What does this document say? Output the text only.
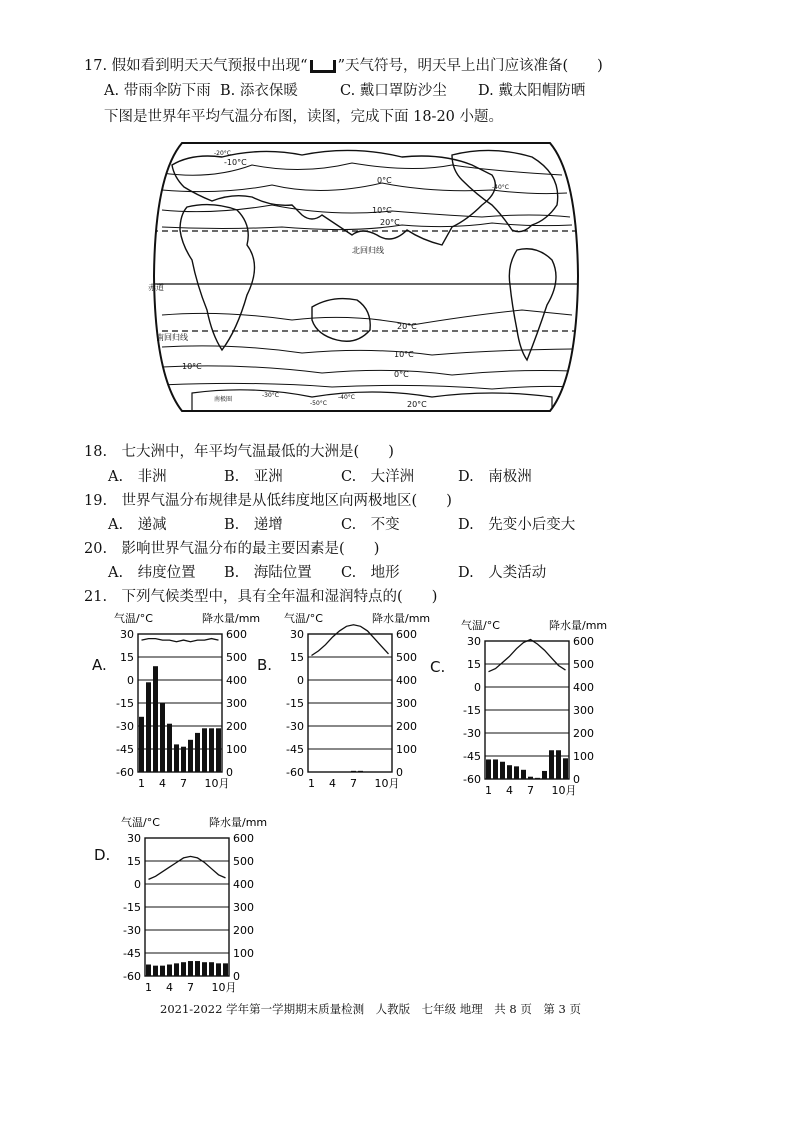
17. 假如看到明天天气预报中出现“ ”天气符号，明天早上出门应该准备(　　)
A. 带雨伞防下雨 B. 添衣保暖	C. 戴口罩防沙尘 D. 戴太阳帽防晒
下图是世界年平均气温分布图，读图，完成下面 18-20 小题。
北回归线
赤道
南回归线
南极圈
-10°C
0°C
10°C
20°C
20°C
10°C
0°C
10°C
20°C
-50°C
-40°C
-20°C
-30°C
-40°C
18.　七大洲中，年平均气温最低的大洲是(　　)
A.　非洲	B.　亚洲	C.　大洋洲	D.　南极洲
19.　世界气温分布规律是从低纬度地区向两极地区(　　)
A.　递减	B.　递增	C.　不变	D.　先变小后变大
20.　影响世界气温分布的最主要因素是(　　)
A.　纬度位置 B.　海陆位置 C.　地形	D.　人类活动
21.　下列气候类型中，具有全年温和湿润特点的(　　)
A.
气温/°C	降水量/mm
30	600
15	500
0	400
-15	300
-30	200
-45	100
-60	0
1 4 7 10月
B.
气温/°C	降水量/mm
30	600
15	500
0	400
-15	300
-30	200
-45	100
-60	0
1 4 7 10月
C.
气温/°C	降水量/mm
30	600
15	500
0	400
-15	300
-30	200
-45	100
-60	0
1 4 7 10月
D.
气温/°C	降水量/mm
30	600
15	500
0	400
-15	300
-30	200
-45	100
-60	0
1 4 7 10月
2021-2022 学年第一学期期末质量检测　人教版　七年级 地理　共 8 页　第 3 页
